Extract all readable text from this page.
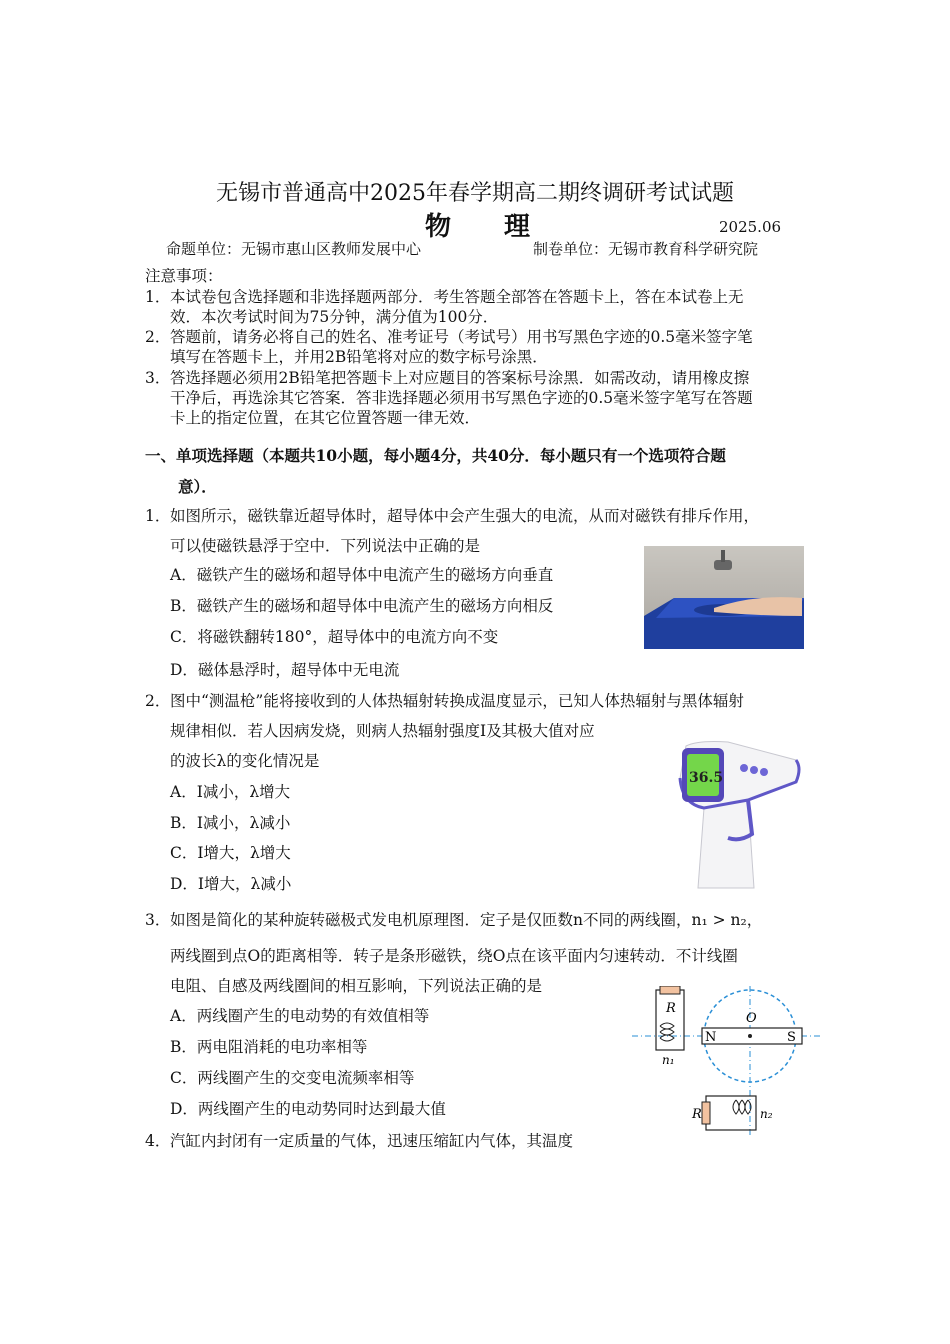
无锡市普通高中2025年春学期高二期终调研考试试题
物 理	2025.06
命题单位：无锡市惠山区教师发展中心	制卷单位：无锡市教育科学研究院
注意事项：
1． 本试卷包含选择题和非选择题两部分．考生答题全部答在答题卡上，答在本试卷上无
效．本次考试时间为75分钟，满分值为100分．
2． 答题前，请务必将自己的姓名、准考证号（考试号）用书写黑色字迹的0.5毫米签字笔
填写在答题卡上，并用2B铅笔将对应的数字标号涂黑．
3． 答选择题必须用2B铅笔把答题卡上对应题目的答案标号涂黑．如需改动，请用橡皮擦
干净后，再选涂其它答案．答非选择题必须用书写黑色字迹的0.5毫米签字笔写在答题
卡上的指定位置，在其它位置答题一律无效．
一、单项选择题（本题共10小题，每小题4分，共40分．每小题只有一个选项符合题
意）．
1． 如图所示，磁铁靠近超导体时，超导体中会产生强大的电流，从而对磁铁有排斥作用，
可以使磁铁悬浮于空中．下列说法中正确的是
A．磁铁产生的磁场和超导体中电流产生的磁场方向垂直
B．磁铁产生的磁场和超导体中电流产生的磁场方向相反
C．将磁铁翻转180°，超导体中的电流方向不变
D．磁体悬浮时，超导体中无电流
2． 图中“测温枪”能将接收到的人体热辐射转换成温度显示，已知人体热辐射与黑体辐射
规律相似．若人因病发烧，则病人热辐射强度I及其极大值对应
的波长λ的变化情况是
A．I减小，λ增大
B．I减小，λ减小
C．I增大，λ增大
D．I增大，λ减小
36.5
3． 如图是简化的某种旋转磁极式发电机原理图．定子是仅匝数n不同的两线圈，n₁ > n₂，
两线圈到点O的距离相等．转子是条形磁铁，绕O点在该平面内匀速转动．不计线圈
电阻、自感及两线圈间的相互影响，下列说法正确的是
A．两线圈产生的电动势的有效值相等
B．两电阻消耗的电功率相等
C．两线圈产生的交变电流频率相等
D．两线圈产生的电动势同时达到最大值
N	S
O
R
n₁
R	n₂
4． 汽缸内封闭有一定质量的气体，迅速压缩缸内气体，其温度
